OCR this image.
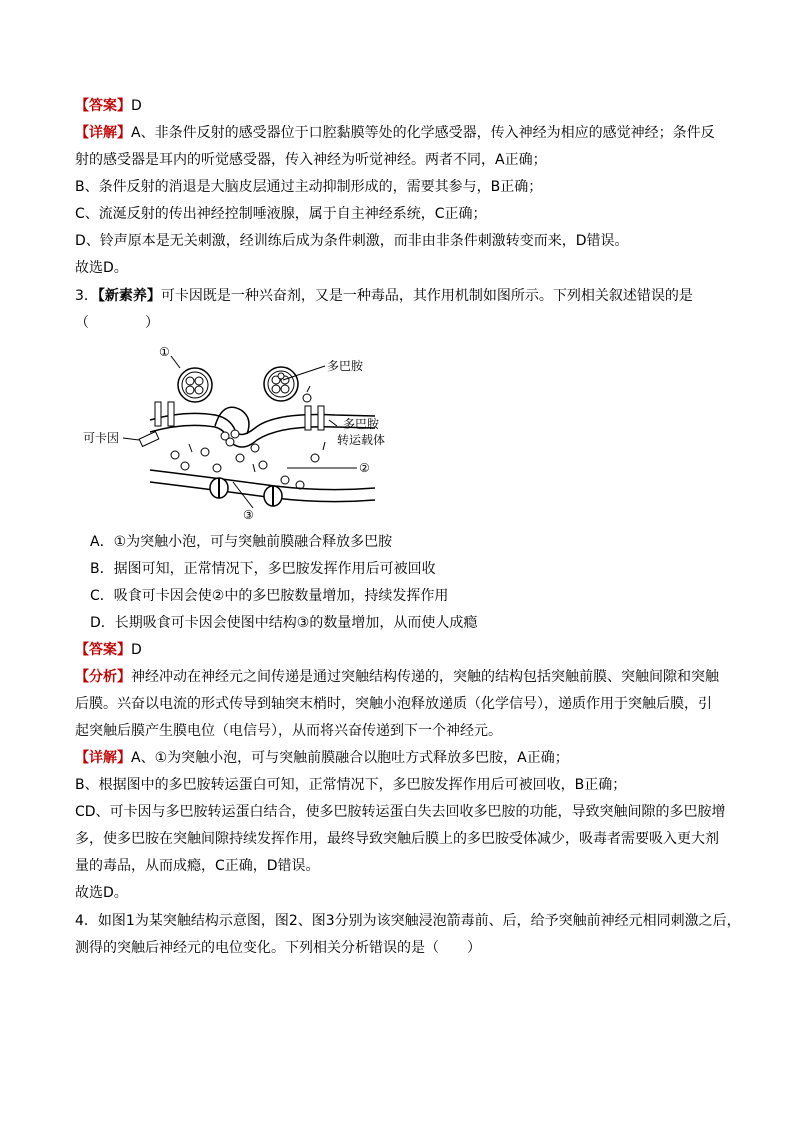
【答案】D
【详解】A、非条件反射的感受器位于口腔黏膜等处的化学感受器，传入神经为相应的感觉神经；条件反
射的感受器是耳内的听觉感受器，传入神经为听觉神经。两者不同，A正确；
B、条件反射的消退是大脑皮层通过主动抑制形成的，需要其参与，B正确；
C、流涎反射的传出神经控制唾液腺，属于自主神经系统，C正确；
D、铃声原本是无关刺激，经训练后成为条件刺激，而非由非条件刺激转变而来，D错误。
故选D。
3．【新素养】可卡因既是一种兴奋剂，又是一种毒品，其作用机制如图所示。下列相关叙述错误的是
（　　　　）
①
多巴胺
可卡因
多巴胺
转运载体
②
③
A．①为突触小泡，可与突触前膜融合释放多巴胺
B．据图可知，正常情况下，多巴胺发挥作用后可被回收
C．吸食可卡因会使②中的多巴胺数量增加，持续发挥作用
D．长期吸食可卡因会使图中结构③的数量增加，从而使人成瘾
【答案】D
【分析】神经冲动在神经元之间传递是通过突触结构传递的，突触的结构包括突触前膜、突触间隙和突触
后膜。兴奋以电流的形式传导到轴突末梢时，突触小泡释放递质（化学信号），递质作用于突触后膜，引
起突触后膜产生膜电位（电信号），从而将兴奋传递到下一个神经元。
【详解】A、①为突触小泡，可与突触前膜融合以胞吐方式释放多巴胺，A正确；
B、根据图中的多巴胺转运蛋白可知，正常情况下，多巴胺发挥作用后可被回收，B正确；
CD、可卡因与多巴胺转运蛋白结合，使多巴胺转运蛋白失去回收多巴胺的功能，导致突触间隙的多巴胺增
多，使多巴胺在突触间隙持续发挥作用，最终导致突触后膜上的多巴胺受体减少，吸毒者需要吸入更大剂
量的毒品，从而成瘾，C正确，D错误。
故选D。
4．如图1为某突触结构示意图，图2、图3分别为该突触浸泡箭毒前、后，给予突触前神经元相同刺激之后，
测得的突触后神经元的电位变化。下列相关分析错误的是（　　）
